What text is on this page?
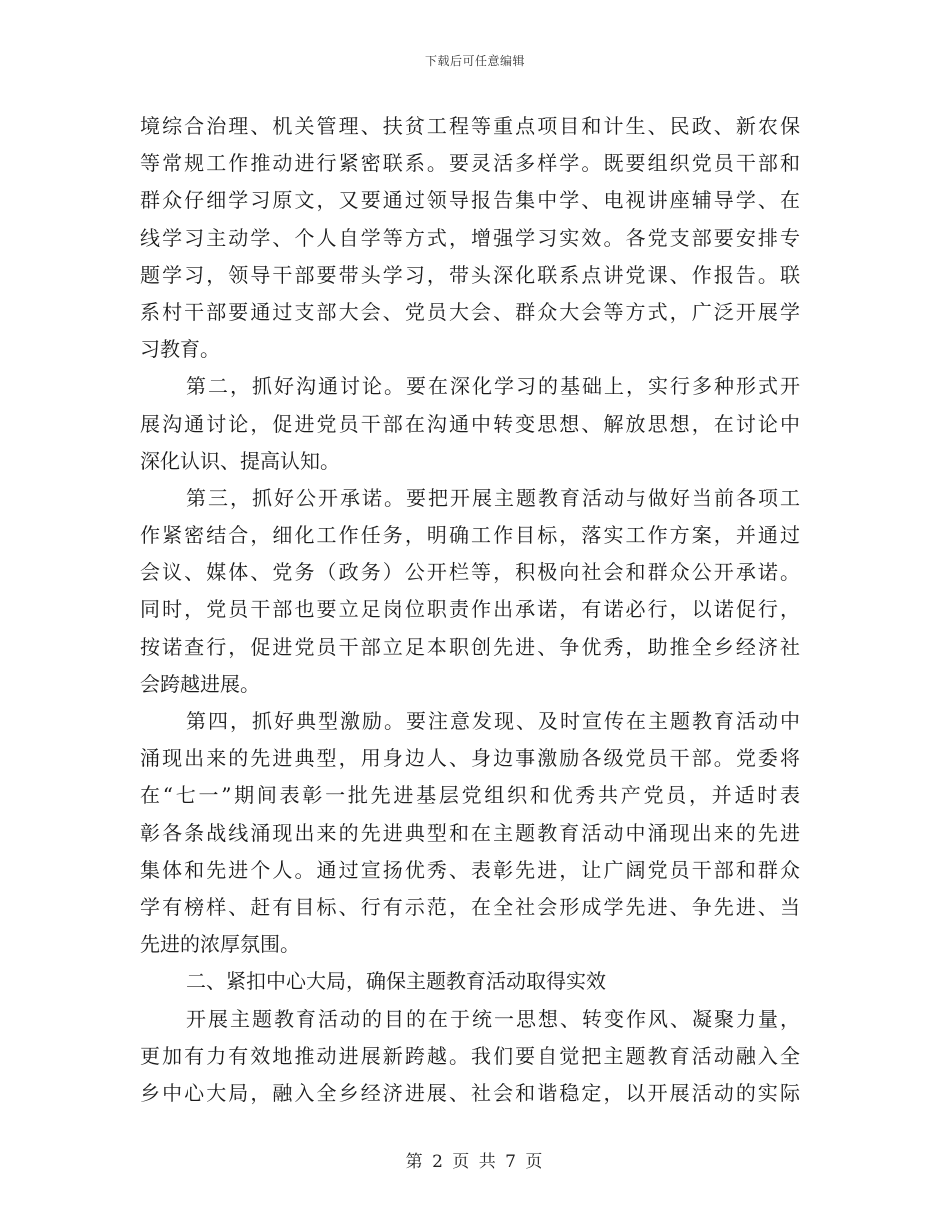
下载后可任意编辑
境综合治理、机关管理、扶贫工程等重点项目和计生、民政、新农保
等常规工作推动进行紧密联系。要灵活多样学。既要组织党员干部和
群众仔细学习原文，又要通过领导报告集中学、电视讲座辅导学、在
线学习主动学、个人自学等方式，增强学习实效。各党支部要安排专
题学习，领导干部要带头学习，带头深化联系点讲党课、作报告。联
系村干部要通过支部大会、党员大会、群众大会等方式，广泛开展学
习教育。
第二，抓好沟通讨论。要在深化学习的基础上，实行多种形式开
展沟通讨论，促进党员干部在沟通中转变思想、解放思想，在讨论中
深化认识、提高认知。
第三，抓好公开承诺。要把开展主题教育活动与做好当前各项工
作紧密结合，细化工作任务，明确工作目标，落实工作方案，并通过
会议、媒体、党务（政务）公开栏等，积极向社会和群众公开承诺。
同时，党员干部也要立足岗位职责作出承诺，有诺必行，以诺促行，
按诺查行，促进党员干部立足本职创先进、争优秀，助推全乡经济社
会跨越进展。
第四，抓好典型激励。要注意发现、及时宣传在主题教育活动中
涌现出来的先进典型，用身边人、身边事激励各级党员干部。党委将
在“七一”期间表彰一批先进基层党组织和优秀共产党员，并适时表
彰各条战线涌现出来的先进典型和在主题教育活动中涌现出来的先进
集体和先进个人。通过宣扬优秀、表彰先进，让广阔党员干部和群众
学有榜样、赶有目标、行有示范，在全社会形成学先进、争先进、当
先进的浓厚氛围。
二、紧扣中心大局，确保主题教育活动取得实效
开展主题教育活动的目的在于统一思想、转变作风、凝聚力量，
更加有力有效地推动进展新跨越。我们要自觉把主题教育活动融入全
乡中心大局，融入全乡经济进展、社会和谐稳定，以开展活动的实际
第 2 页 共 7 页
